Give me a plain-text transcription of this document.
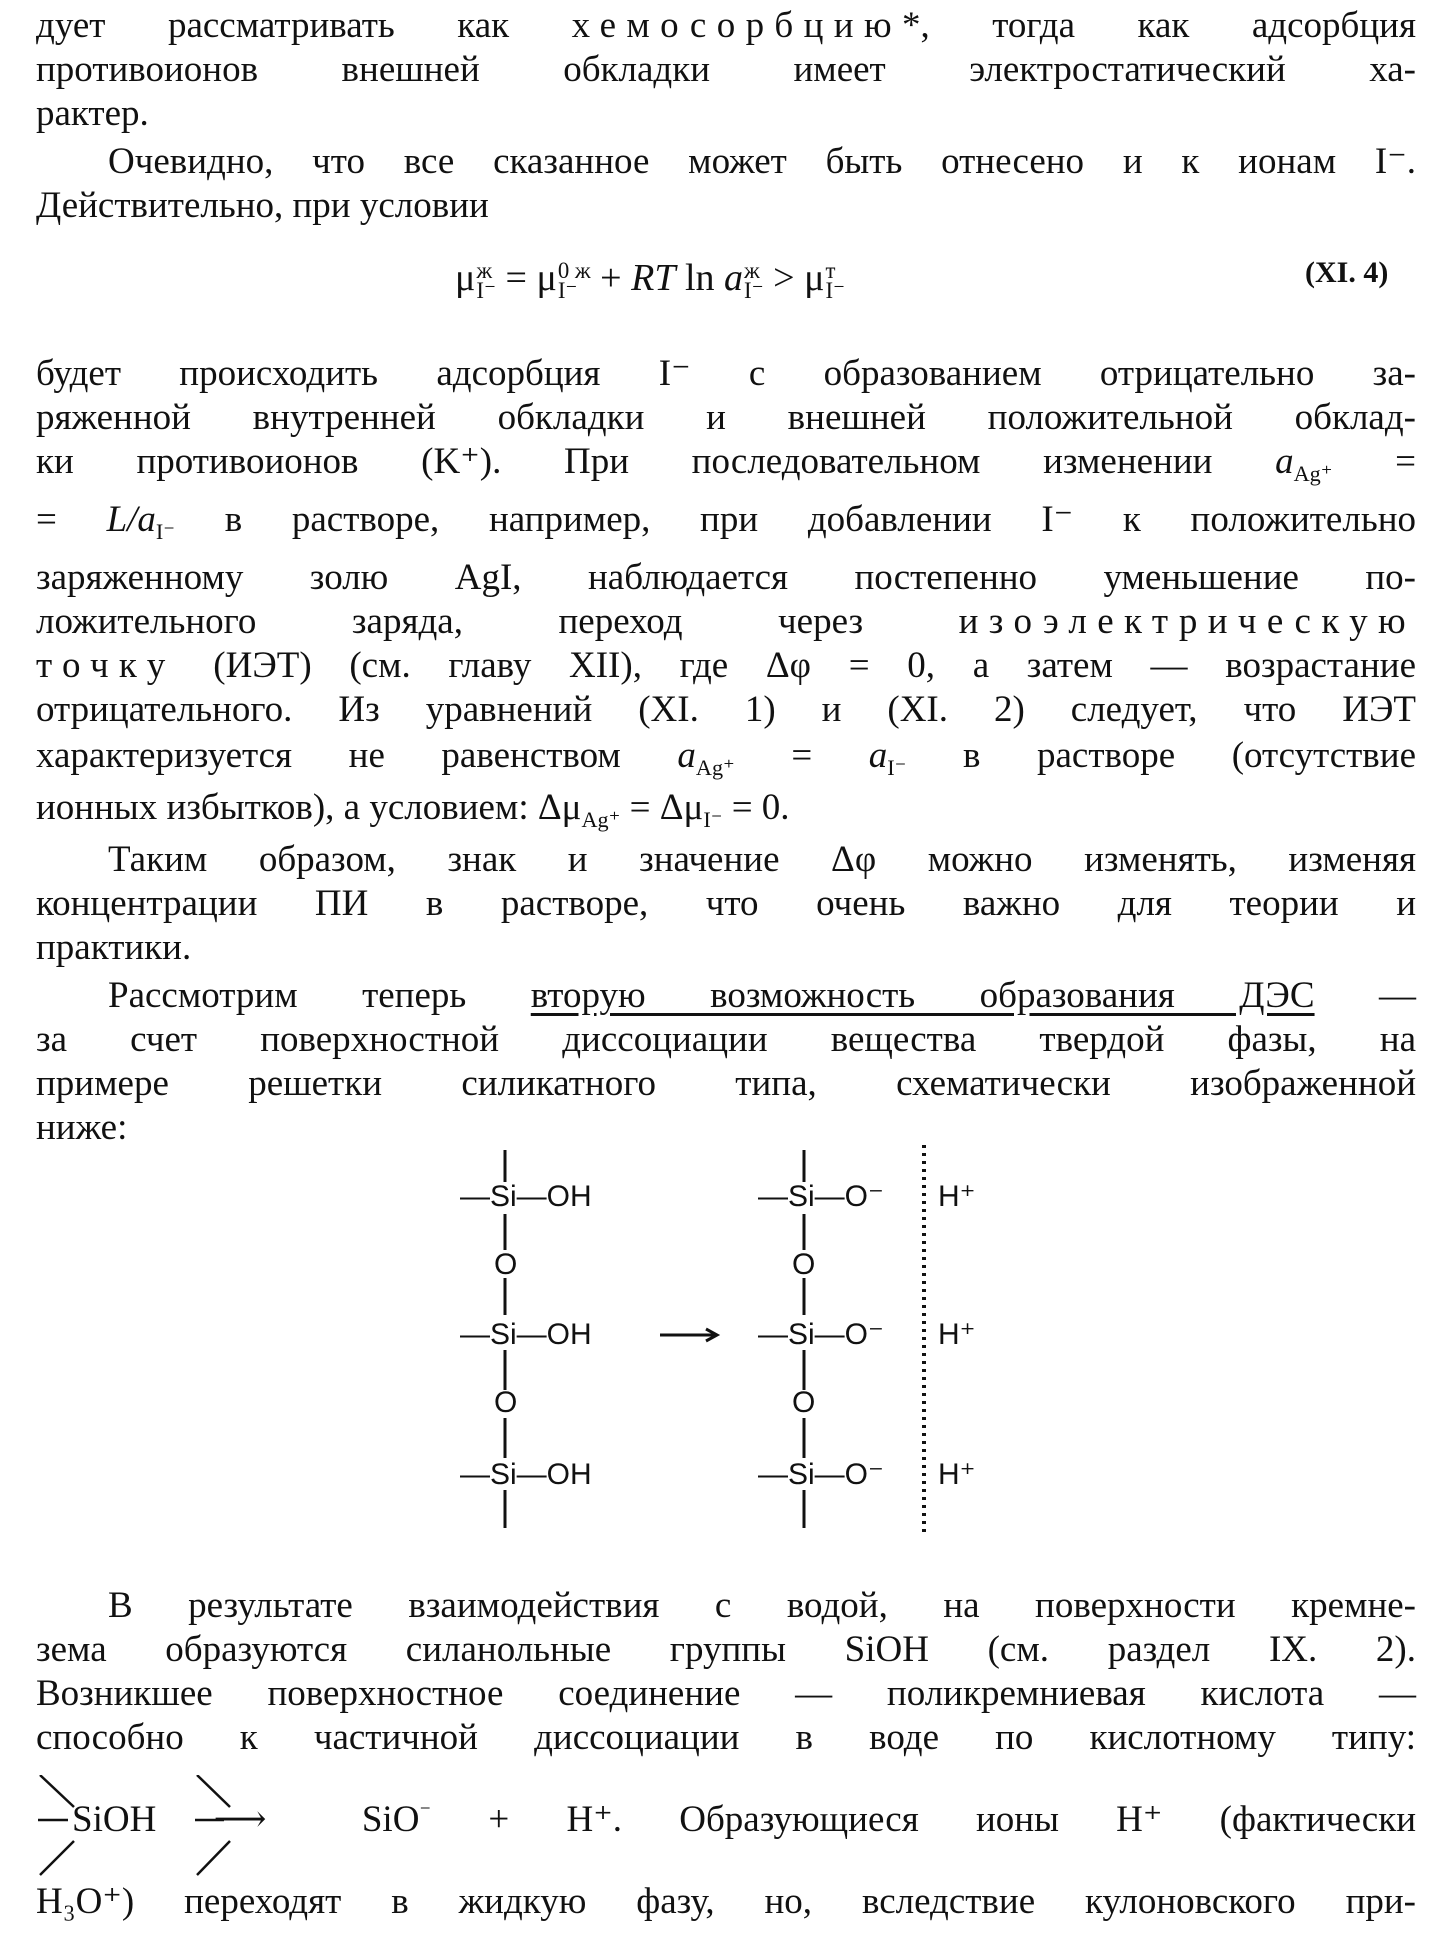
дует рассматривать как хемосорбцию*, тогда как адсорбция
противоионов внешней обкладки имеет электростатический ха-
рактер.
Очевидно, что все сказанное может быть отнесено и к ионам I⁻.
Действительно, при условии
μ ж
I⁻ = μ 0 ж
I⁻ + RT ln a ж
I⁻ > μ т
I⁻
(XI. 4)
будет происходить адсорбция I⁻ с образованием отрицательно за-
ряженной внутренней обкладки и внешней положительной обклад-
ки противоионов (K⁺). При последовательном изменении $a_{Ag^+}$ =
= $L/a_{I^-}$ в растворе, например, при добавлении I⁻ к положительно
заряженному золю AgI, наблюдается постепенно уменьшение по-
ложительного заряда, переход через изоэлектрическую
точку (ИЭТ) (см. главу XII), где Δφ = 0, а затем — возрастание
отрицательного. Из уравнений (XI. 1) и (XI. 2) следует, что ИЭТ
характеризуется не равенством $a_{Ag^+} = a_{I^-}$ в растворе (отсутствие
ионных избытков), а условием: $\Delta\mu_{Ag^+} = \Delta\mu_{I^-} = 0$.
Таким образом, знак и значение Δφ можно изменять, изменяя
концентрации ПИ в растворе, что очень важно для теории и
практики.
Рассмотрим теперь вторую возможность образования ДЭС —
за счет поверхностной диссоциации вещества твердой фазы, на
примере решетки силикатного типа, схематически изображенной
ниже:
—Si—OH
O
—Si—OH
O
—Si—OH
—Si—O⁻
O
—Si—O⁻
O
—Si—O⁻
H⁺
H⁺
H⁺
В результате взаимодействия с водой, на поверхности кремне-
зема образуются силанольные группы SiOH (см. раздел IX. 2).
Возникшее поверхностное соединение — поликремниевая кислота —
способно к частичной диссоциации в воде по кислотному типу:
SiOH ⟶ SiO⁻ + H⁺. Образующиеся ионы H⁺ (фактически
H₃O⁺) переходят в жидкую фазу, но, вследствие кулоновского при-
